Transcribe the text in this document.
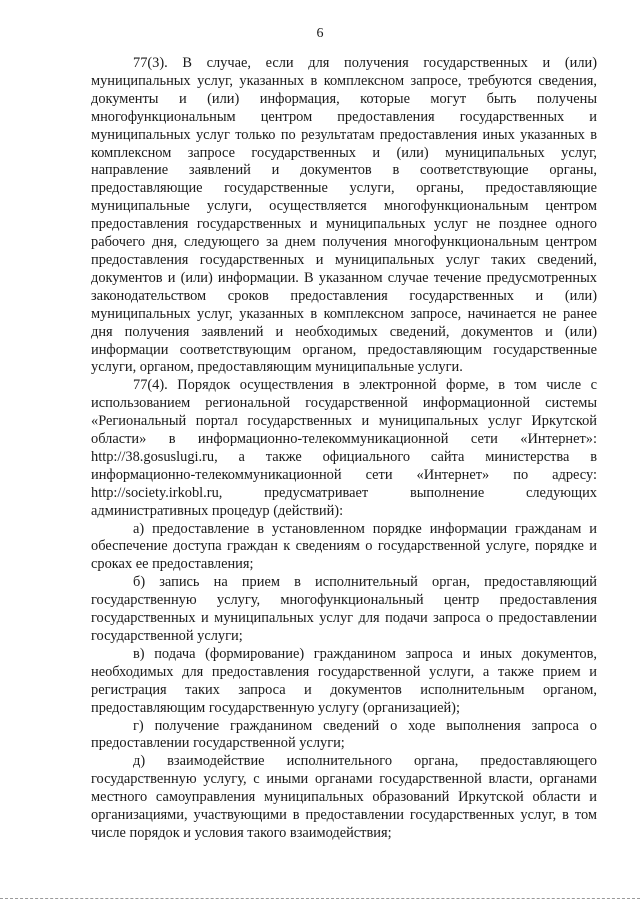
6

77(3). В случае, если для получения государственных и (или) муниципальных услуг, указанных в комплексном запросе, требуются сведения, документы и (или) информация, которые могут быть получены многофункциональным центром предоставления государственных и муниципальных услуг только по результатам предоставления иных указанных в комплексном запросе государственных и (или) муниципальных услуг, направление заявлений и документов в соответствующие органы, предоставляющие государственные услуги, органы, предоставляющие муниципальные услуги, осуществляется многофункциональным центром предоставления государственных и муниципальных услуг не позднее одного рабочего дня, следующего за днем получения многофункциональным центром предоставления государственных и муниципальных услуг таких сведений, документов и (или) информации. В указанном случае течение предусмотренных законодательством сроков предоставления государственных и (или) муниципальных услуг, указанных в комплексном запросе, начинается не ранее дня получения заявлений и необходимых сведений, документов и (или) информации соответствующим органом, предоставляющим государственные услуги, органом, предоставляющим муниципальные услуги.

77(4). Порядок осуществления в электронной форме, в том числе с использованием региональной государственной информационной системы «Региональный портал государственных и муниципальных услуг Иркутской области» в информационно-телекоммуникационной сети «Интернет»: http://38.gosuslugi.ru, а также официального сайта министерства в информационно-телекоммуникационной сети «Интернет» по адресу: http://society.irkobl.ru, предусматривает выполнение следующих административных процедур (действий):

а) предоставление в установленном порядке информации гражданам и обеспечение доступа граждан к сведениям о государственной услуге, порядке и сроках ее предоставления;

б) запись на прием в исполнительный орган, предоставляющий государственную услугу, многофункциональный центр предоставления государственных и муниципальных услуг для подачи запроса о предоставлении государственной услуги;

в) подача (формирование) гражданином запроса и иных документов, необходимых для предоставления государственной услуги, а также прием и регистрация таких запроса и документов исполнительным органом, предоставляющим государственную услугу (организацией);

г) получение гражданином сведений о ходе выполнения запроса о предоставлении государственной услуги;

д) взаимодействие исполнительного органа, предоставляющего государственную услугу, с иными органами государственной власти, органами местного самоуправления муниципальных образований Иркутской области и организациями, участвующими в предоставлении государственных услуг, в том числе порядок и условия такого взаимодействия;
